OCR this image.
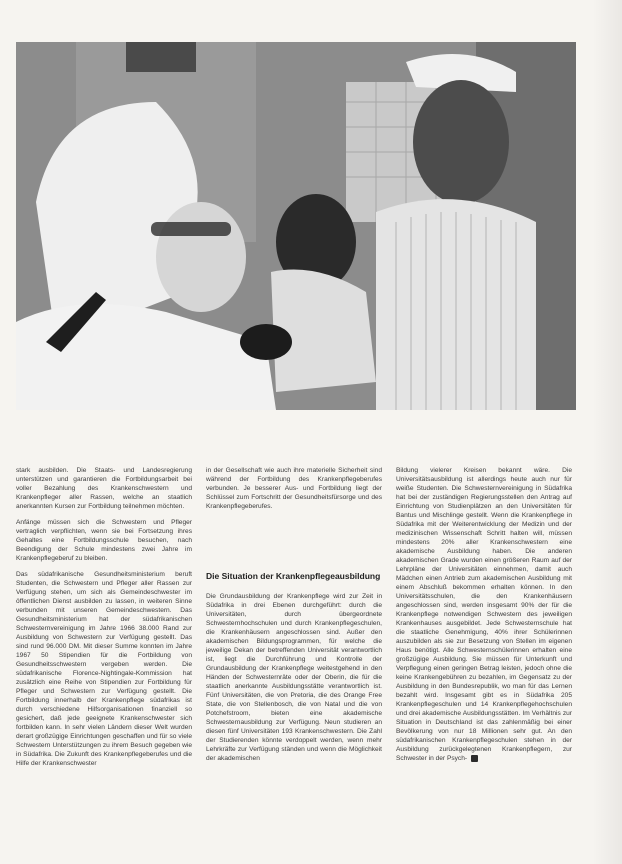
stark ausbilden. Die Staats- und Landesregierung unterstützen und garantieren die Fortbildungsarbeit bei voller Bezahlung des Krankenschwestern und Krankenpfleger aller Rassen, welche an staatlich anerkannten Kursen zur Fortbildung teilnehmen möchten.

Anfänge müssen sich die Schwestern und Pfleger vertraglich verpflichten, wenn sie bei Fortsetzung ihres Gehaltes eine Fortbildungsschule besuchen, nach Beendigung der Schule mindestens zwei Jahre im Krankenpflegeberuf zu bleiben.

Das südafrikanische Gesundheitsministerium beruft Studenten, die Schwestern und Pfleger aller Rassen zur Verfügung stehen, um sich als Gemeindeschwester im öffentlichen Dienst ausbilden zu lassen, in weiteren Sinne verbunden mit unseren Gemeindeschwestern. Das Gesundheitsministerium hat der südafrikanischen Schwesternvereinigung im Jahre 1966 38.000 Rand zur Ausbildung von Schwestern zur Verfügung gestellt. Das sind rund 96.000 DM. Mit dieser Summe konnten im Jahre 1967 50 Stipendien für die Fortbildung von Gesundheitsschwestern vergeben werden. Die südafrikanische Florence-Nightingale-Kommission hat zusätzlich eine Reihe von Stipendien zur Fortbildung für Pfleger und Schwestern zur Verfügung gestellt. Die Fortbildung innerhalb der Krankenpflege südafrikas ist durch verschiedene Hilfsorganisationen finanziell so gesichert, daß jede geeignete Krankenschwester sich fortbilden kann. In sehr vielen Ländern dieser Welt wurden derart großzügige Einrichtungen geschaffen und für so viele Schwestern Unterstützungen zu ihrem Besuch gegeben wie in Südafrika. Die Zukunft des Krankenpflegeberufes und die Hilfe der Krankenschwester

in der Gesellschaft wie auch ihre materielle Sicherheit sind während der Fortbildung des Krankenpflegeberufes verbunden. Je besserer Aus- und Fortbildung liegt der Schlüssel zum Fortschritt der Gesundheitsfürsorge und des Krankenpflegeberufes.

Die Situation der Krankenpflegeausbildung

Die Grundausbildung der Krankenpflege wird zur Zeit in Südafrika in drei Ebenen durchgeführt: durch die Universitäten, durch übergeordnete Schwesternhochschulen und durch Krankenpflegeschulen, die Krankenhäusern angeschlossen sind. Außer den akademischen Bildungsprogrammen, für welche die jeweilige Dekan der betreffenden Universität verantwortlich ist, liegt die Durchführung und Kontrolle der Grundausbildung der Krankenpflege weitestgehend in den Händen der Schwesternräte oder der Oberin, die für die staatlich anerkannte Ausbildungsstätte verantwortlich ist. Fünf Universitäten, die von Pretoria, die des Orange Free State, die von Stellenbosch, die von Natal und die von Potchefstroom, bieten eine akademische Schwesternausbildung zur Verfügung. Neun studieren an diesen fünf Universitäten 193 Krankenschwestern. Die Zahl der Studierenden könnte verdoppelt werden, wenn mehr Lehrkräfte zur Verfügung ständen und wenn die Möglichkeit der akademischen

Bildung vielerer Kreisen bekannt wäre. Die Universitätsausbildung ist allerdings heute auch nur für weiße Studenten. Die Schwesternvereinigung in Südafrika hat bei der zuständigen Regierungsstellen den Antrag auf Einrichtung von Studienplätzen an den Universitäten für Bantus und Mischlinge gestellt. Wenn die Krankenpflege in Südafrika mit der Weiterentwicklung der Medizin und der medizinischen Wissenschaft Schritt halten will, müssen mindestens 20% aller Krankenschwestern eine akademische Ausbildung haben. Die anderen akademischen Grade wurden einen größeren Raum auf der Lehrpläne der Universitäten einnehmen, damit auch Mädchen einen Antrieb zum akademischen Ausbildung mit einem Abschluß bekommen erhalten können. In den Universitätsschulen, die den Krankenhäusern angeschlossen sind, werden insgesamt 90% der für die Krankenpflege notwendigen Schwestern des jeweiligen Krankenhauses ausgebildet. Jede Schwesternschule hat die staatliche Genehmigung, 40% ihrer Schülerinnen auszubilden als sie zur Besetzung von Stellen im eigenen Haus benötigt. Alle Schwesternschülerinnen erhalten eine großzügige Ausbildung. Sie müssen für Unterkunft und Verpflegung einen geringen Betrag leisten, jedoch ohne die keine Krankengebühren zu bezahlen, im Gegensatz zu der Ausbildung in den Bundesrepublik, wo man für das Lernen bezahlt wird. Insgesamt gibt es in Südafrika 205 Krankenpflegeschulen und 14 Krankenpflegehochschulen und drei akademische Ausbildungsstätten. Im Verhältnis zur Situation in Deutschland ist das zahlenmäßig bei einer Bevölkerung von nur 18 Millionen sehr gut. An den südafrikanischen Krankenpflegeschulen stehen in der Ausbildung zurückgelegtenen Krankenpflegern, zur Schwester in der Psych-
